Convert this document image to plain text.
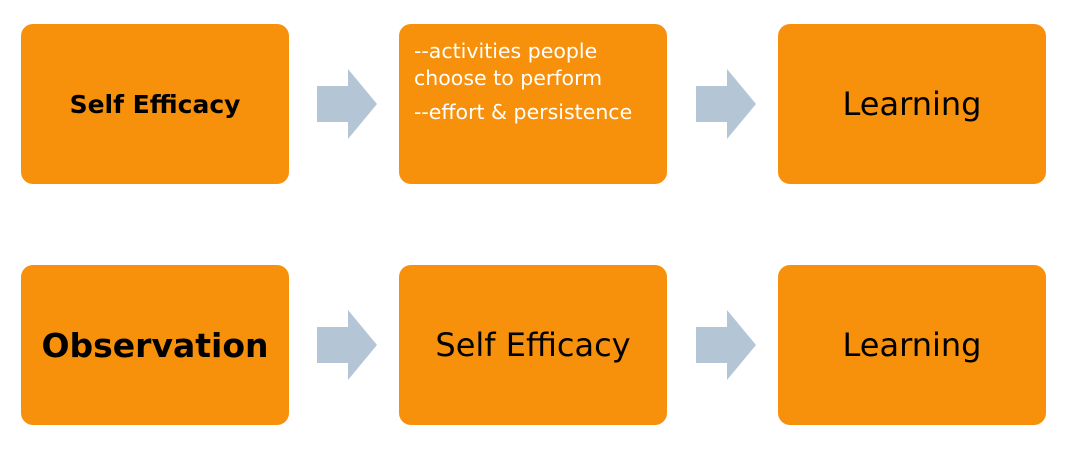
Self Efficacy
--activities people choose to perform
--effort & persistence	Learning
Observation	Self Efficacy	Learning
